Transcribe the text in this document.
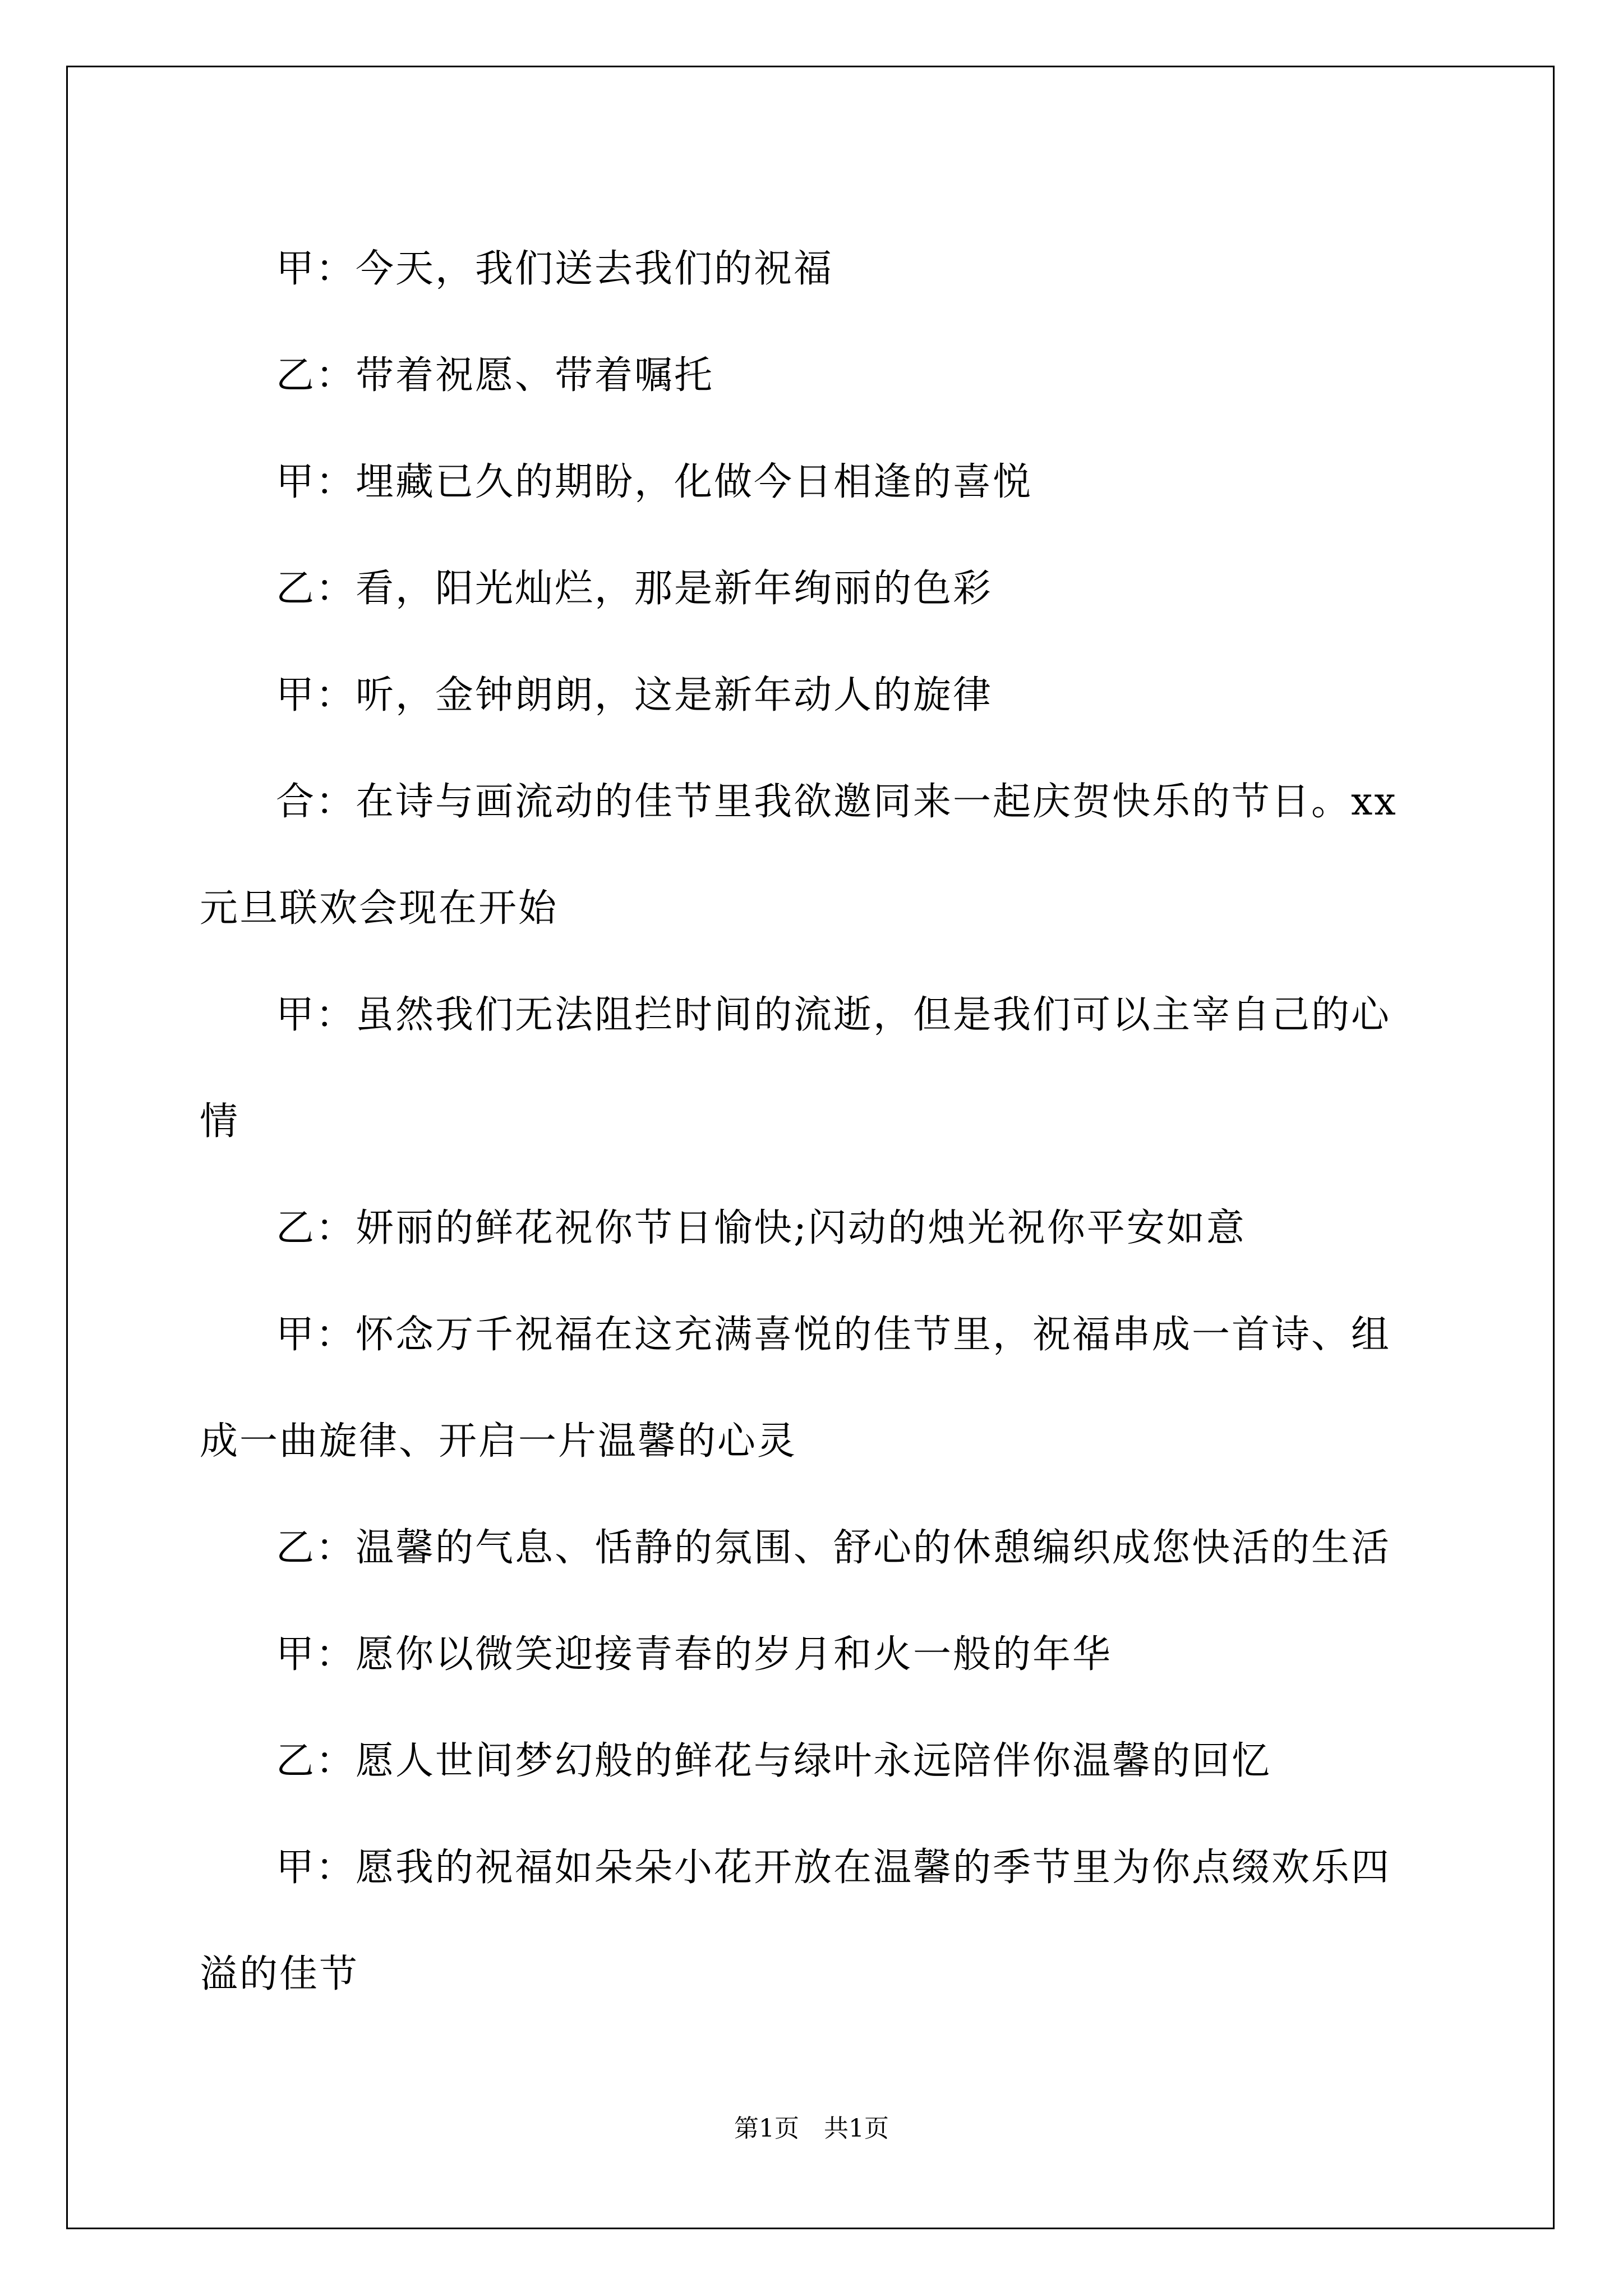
甲：今天，我们送去我们的祝福

乙：带着祝愿、带着嘱托

甲：埋藏已久的期盼，化做今日相逢的喜悦

乙：看，阳光灿烂，那是新年绚丽的色彩

甲：听，金钟朗朗，这是新年动人的旋律

合：在诗与画流动的佳节里我欲邀同来一起庆贺快乐的节日。xx元旦联欢会现在开始

甲：虽然我们无法阻拦时间的流逝，但是我们可以主宰自己的心情

乙：妍丽的鲜花祝你节日愉快;闪动的烛光祝你平安如意

甲：怀念万千祝福在这充满喜悦的佳节里，祝福串成一首诗、组成一曲旋律、开启一片温馨的心灵

乙：温馨的气息、恬静的氛围、舒心的休憩编织成您快活的生活

甲：愿你以微笑迎接青春的岁月和火一般的年华

乙：愿人世间梦幻般的鲜花与绿叶永远陪伴你温馨的回忆

甲：愿我的祝福如朵朵小花开放在温馨的季节里为你点缀欢乐四溢的佳节

第1页 共1页
